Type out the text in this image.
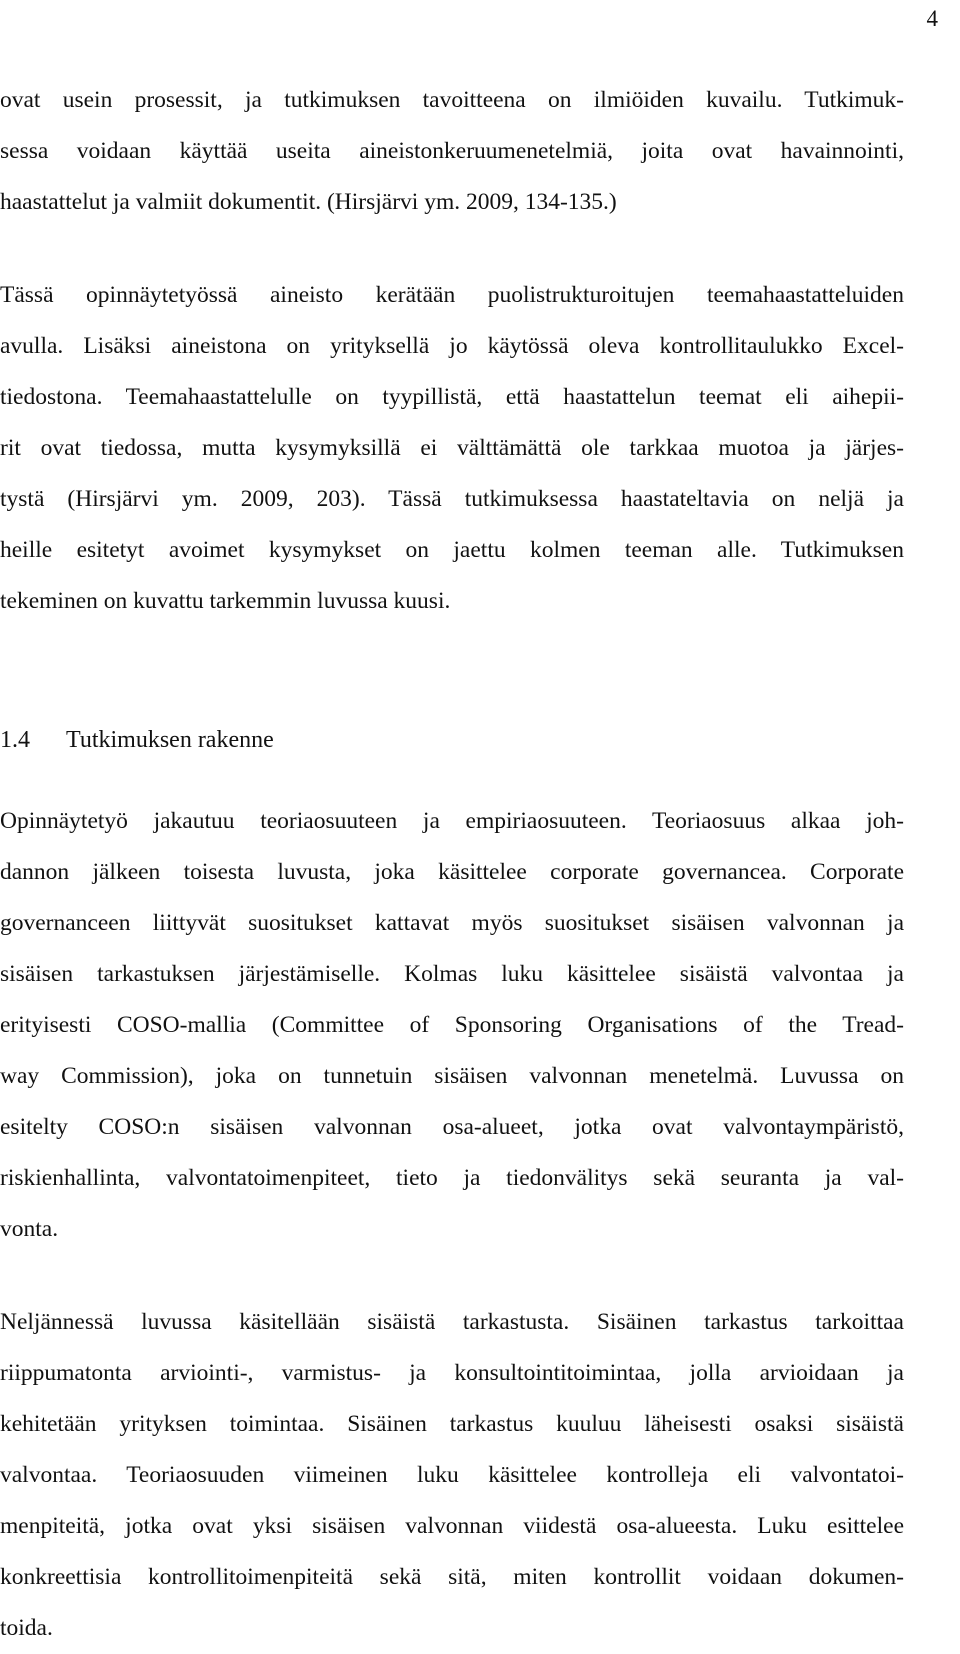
4

ovat usein prosessit, ja tutkimuksen tavoitteena on ilmiöiden kuvailu. Tutkimuk-
sessa voidaan käyttää useita aineistonkeruumenetelmiä, joita ovat havainnointi,
haastattelut ja valmiit dokumentit. (Hirsjärvi ym. 2009, 134-135.)

Tässä opinnäytetyössä aineisto kerätään puolistrukturoitujen teemahaastatteluiden
avulla. Lisäksi aineistona on yrityksellä jo käytössä oleva kontrollitaulukko Excel-
tiedostona. Teemahaastattelulle on tyypillistä, että haastattelun teemat eli aihepii-
rit ovat tiedossa, mutta kysymyksillä ei välttämättä ole tarkkaa muotoa ja järjes-
tystä (Hirsjärvi ym. 2009, 203). Tässä tutkimuksessa haastateltavia on neljä ja
heille esitetyt avoimet kysymykset on jaettu kolmen teeman alle. Tutkimuksen
tekeminen on kuvattu tarkemmin luvussa kuusi.

1.4 Tutkimuksen rakenne

Opinnäytetyö jakautuu teoriaosuuteen ja empiriaosuuteen. Teoriaosuus alkaa joh-
dannon jälkeen toisesta luvusta, joka käsittelee corporate governancea. Corporate
governanceen liittyvät suositukset kattavat myös suositukset sisäisen valvonnan ja
sisäisen tarkastuksen järjestämiselle. Kolmas luku käsittelee sisäistä valvontaa ja
erityisesti COSO-mallia (Committee of Sponsoring Organisations of the Tread-
way Commission), joka on tunnetuin sisäisen valvonnan menetelmä. Luvussa on
esitelty COSO:n sisäisen valvonnan osa-alueet, jotka ovat valvontaympäristö,
riskienhallinta, valvontatoimenpiteet, tieto ja tiedonvälitys sekä seuranta ja val-
vonta.

Neljännessä luvussa käsitellään sisäistä tarkastusta. Sisäinen tarkastus tarkoittaa
riippumatonta arviointi-, varmistus- ja konsultointitoimintaa, jolla arvioidaan ja
kehitetään yrityksen toimintaa. Sisäinen tarkastus kuuluu läheisesti osaksi sisäistä
valvontaa. Teoriaosuuden viimeinen luku käsittelee kontrolleja eli valvontatoi-
menpiteitä, jotka ovat yksi sisäisen valvonnan viidestä osa-alueesta. Luku esittelee
konkreettisia kontrollitoimenpiteitä sekä sitä, miten kontrollit voidaan dokumen-
toida.
